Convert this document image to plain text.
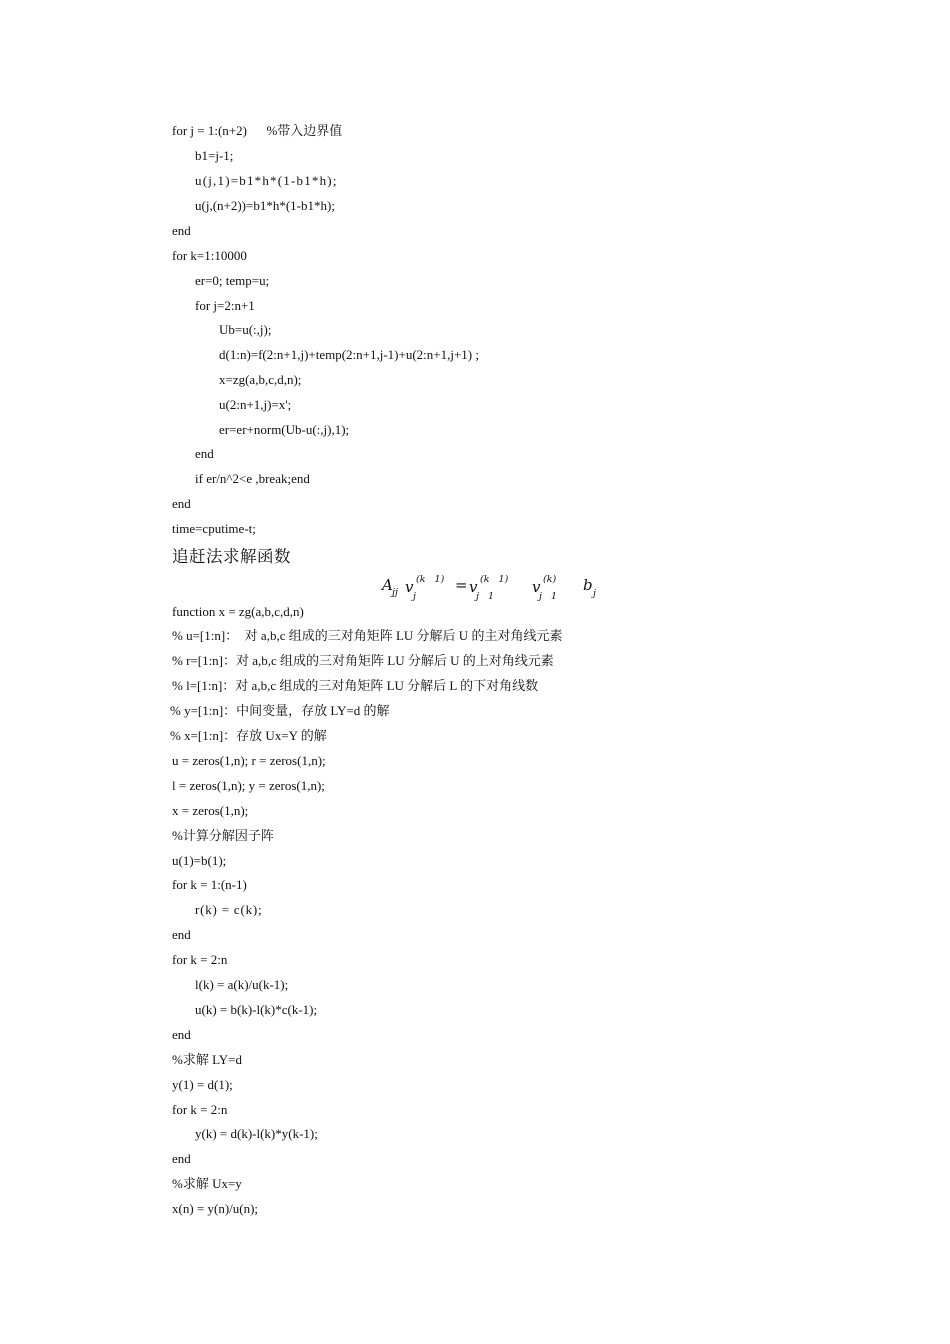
for j = 1:(n+2)      %带入边界值
b1=j-1;
u(j,1)=b1*h*(1-b1*h);
u(j,(n+2))=b1*h*(1-b1*h);
end
for k=1:10000
er=0; temp=u;
for j=2:n+1
Ub=u(:,j);
d(1:n)=f(2:n+1,j)+temp(2:n+1,j-1)+u(2:n+1,j+1) ;
x=zg(a,b,c,d,n);
u(2:n+1,j)=x';
er=er+norm(Ub-u(:,j),1);
end
if er/n^2<e ,break;end
end
time=cputime-t;
追赶法求解函数
A jj v (k   1)
j
= v (k   1)
j   1
v (k)
j   1
b j
function x = zg(a,b,c,d,n)
% u=[1:n]：  对 a,b,c 组成的三对角矩阵 LU 分解后 U 的主对角线元素
% r=[1:n]：对 a,b,c 组成的三对角矩阵 LU 分解后 U 的上对角线元素
% l=[1:n]：对 a,b,c 组成的三对角矩阵 LU 分解后 L 的下对角线数
% y=[1:n]：中间变量，存放 LY=d 的解
% x=[1:n]：存放 Ux=Y 的解
u = zeros(1,n); r = zeros(1,n);
l = zeros(1,n); y = zeros(1,n);
x = zeros(1,n);
%计算分解因子阵
u(1)=b(1);
for k = 1:(n-1)
r(k) = c(k);
end
for k = 2:n
l(k) = a(k)/u(k-1);
u(k) = b(k)-l(k)*c(k-1);
end
%求解 LY=d
y(1) = d(1);
for k = 2:n
y(k) = d(k)-l(k)*y(k-1);
end
%求解 Ux=y
x(n) = y(n)/u(n);
